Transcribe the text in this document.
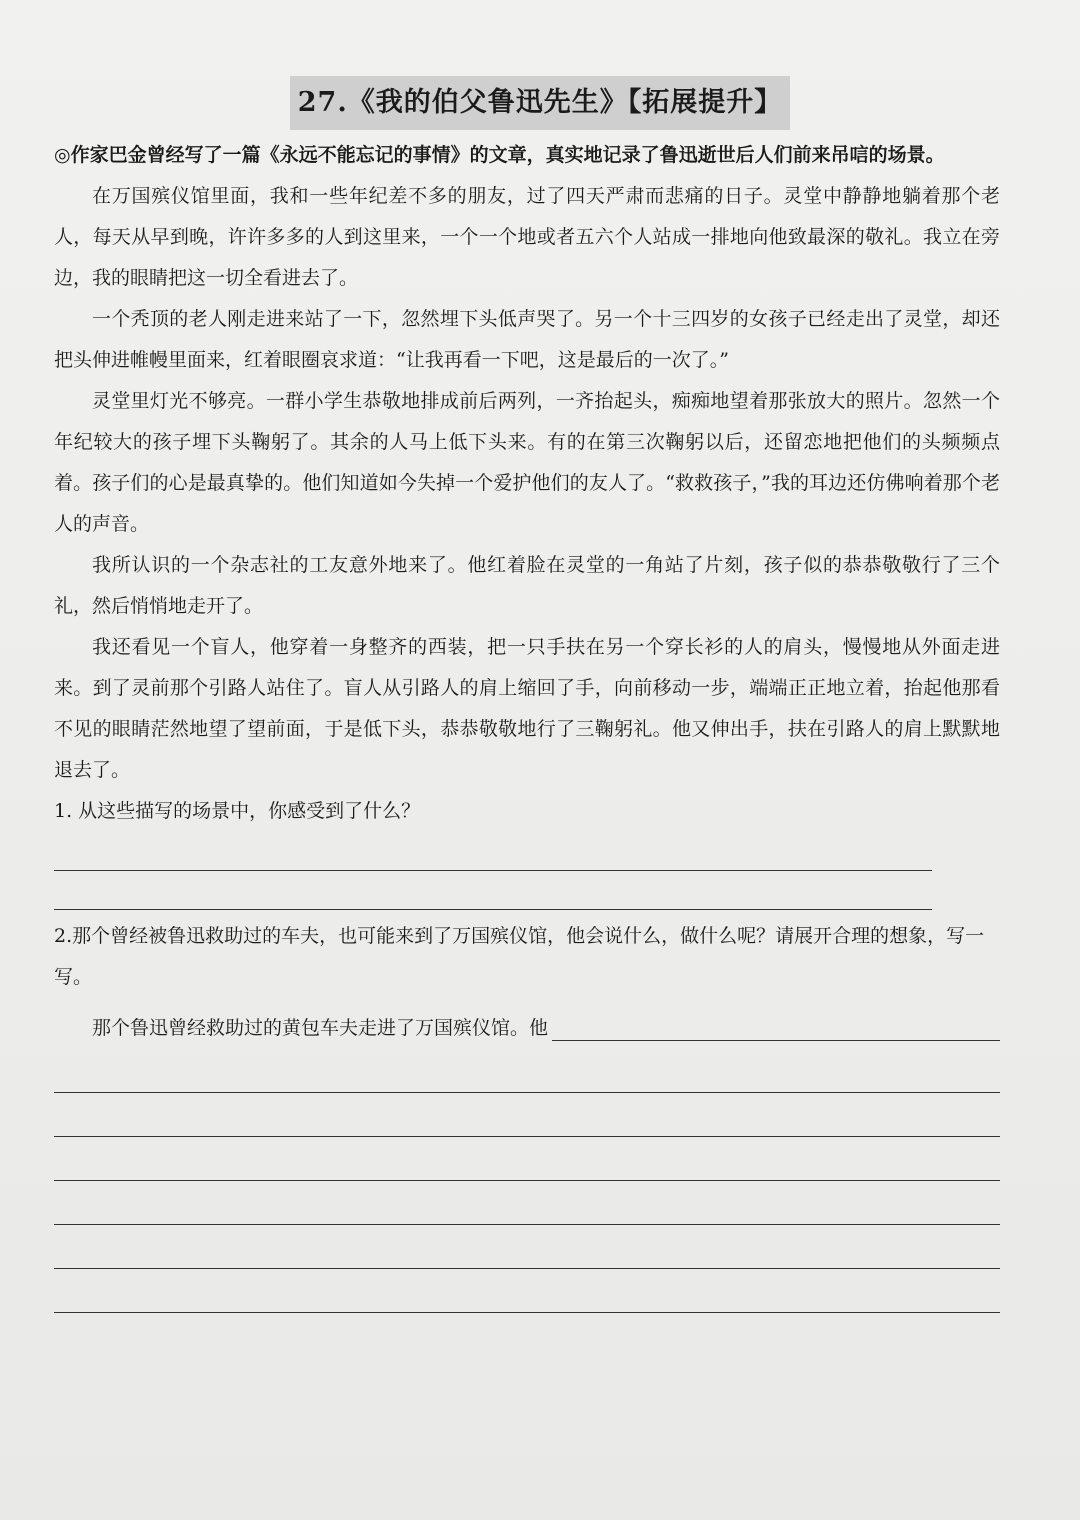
27.《我的伯父鲁迅先生》【拓展提升】

◎作家巴金曾经写了一篇《永远不能忘记的事情》的文章，真实地记录了鲁迅逝世后人们前来吊唁的场景。

在万国殡仪馆里面，我和一些年纪差不多的朋友，过了四天严肃而悲痛的日子。灵堂中静静地躺着那个老人，每天从早到晚，许许多多的人到这里来，一个一个地或者五六个人站成一排地向他致最深的敬礼。我立在旁边，我的眼睛把这一切全看进去了。

一个秃顶的老人刚走进来站了一下，忽然埋下头低声哭了。另一个十三四岁的女孩子已经走出了灵堂，却还把头伸进帷幔里面来，红着眼圈哀求道：“让我再看一下吧，这是最后的一次了。”

灵堂里灯光不够亮。一群小学生恭敬地排成前后两列，一齐抬起头，痴痴地望着那张放大的照片。忽然一个年纪较大的孩子埋下头鞠躬了。其余的人马上低下头来。有的在第三次鞠躬以后，还留恋地把他们的头频频点着。孩子们的心是最真挚的。他们知道如今失掉一个爱护他们的友人了。“救救孩子，”我的耳边还仿佛响着那个老人的声音。

我所认识的一个杂志社的工友意外地来了。他红着脸在灵堂的一角站了片刻，孩子似的恭恭敬敬行了三个礼，然后悄悄地走开了。

我还看见一个盲人，他穿着一身整齐的西装，把一只手扶在另一个穿长衫的人的肩头，慢慢地从外面走进来。到了灵前那个引路人站住了。盲人从引路人的肩上缩回了手，向前移动一步，端端正正地立着，抬起他那看不见的眼睛茫然地望了望前面，于是低下头，恭恭敬敬地行了三鞠躬礼。他又伸出手，扶在引路人的肩上默默地退去了。

1. 从这些描写的场景中，你感受到了什么？

2.那个曾经被鲁迅救助过的车夫，也可能来到了万国殡仪馆，他会说什么，做什么呢？请展开合理的想象，写一写。

那个鲁迅曾经救助过的黄包车夫走进了万国殡仪馆。他
